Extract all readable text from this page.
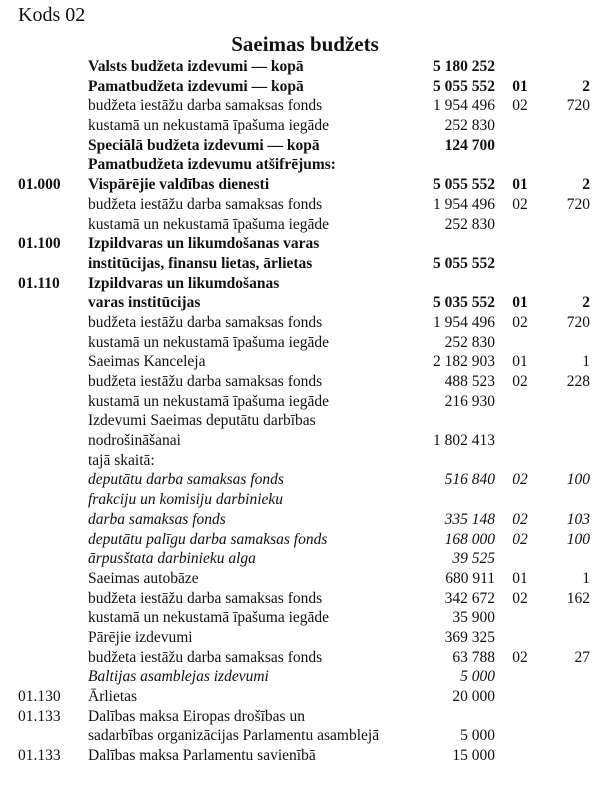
Kods 02
Saeimas budžets
Valsts budžeta izdevumi — kopā	5 180 252
Pamatbudžeta izdevumi — kopā	5 055 552	01	2
budžeta iestāžu darba samaksas fonds	1 954 496	02	720
kustamā un nekustamā īpašuma iegāde	252 830
Speciālā budžeta izdevumi — kopā	124 700
Pamatbudžeta izdevumu atšifrējums:
01.000 Vispārējie valdības dienesti	5 055 552	01	2
budžeta iestāžu darba samaksas fonds	1 954 496	02	720
kustamā un nekustamā īpašuma iegāde	252 830
01.100 Izpildvaras un likumdošanas varas
institūcijas, finansu lietas, ārlietas	5 055 552
01.110 Izpildvaras un likumdošanas
varas institūcijas	5 035 552	01	2
budžeta iestāžu darba samaksas fonds	1 954 496	02	720
kustamā un nekustamā īpašuma iegāde	252 830
Saeimas Kanceleja	2 182 903	01	1
budžeta iestāžu darba samaksas fonds	488 523	02	228
kustamā un nekustamā īpašuma iegāde	216 930
Izdevumi Saeimas deputātu darbības
nodrošināšanai	1 802 413
tajā skaitā:
deputātu darba samaksas fonds	516 840	02	100
frakciju un komisiju darbinieku
darba samaksas fonds	335 148	02	103
deputātu palīgu darba samaksas fonds	168 000	02	100
ārpusštata darbinieku alga	39 525
Saeimas autobāze	680 911	01	1
budžeta iestāžu darba samaksas fonds	342 672	02	162
kustamā un nekustamā īpašuma iegāde	35 900
Pārējie izdevumi	369 325
budžeta iestāžu darba samaksas fonds	63 788	02	27
Baltijas asamblejas izdevumi	5 000
01.130 Ārlietas	20 000
01.133 Dalības maksa Eiropas drošības un
sadarbības organizācijas Parlamentu asamblejā	5 000
01.133 Dalības maksa Parlamentu savienībā	15 000
